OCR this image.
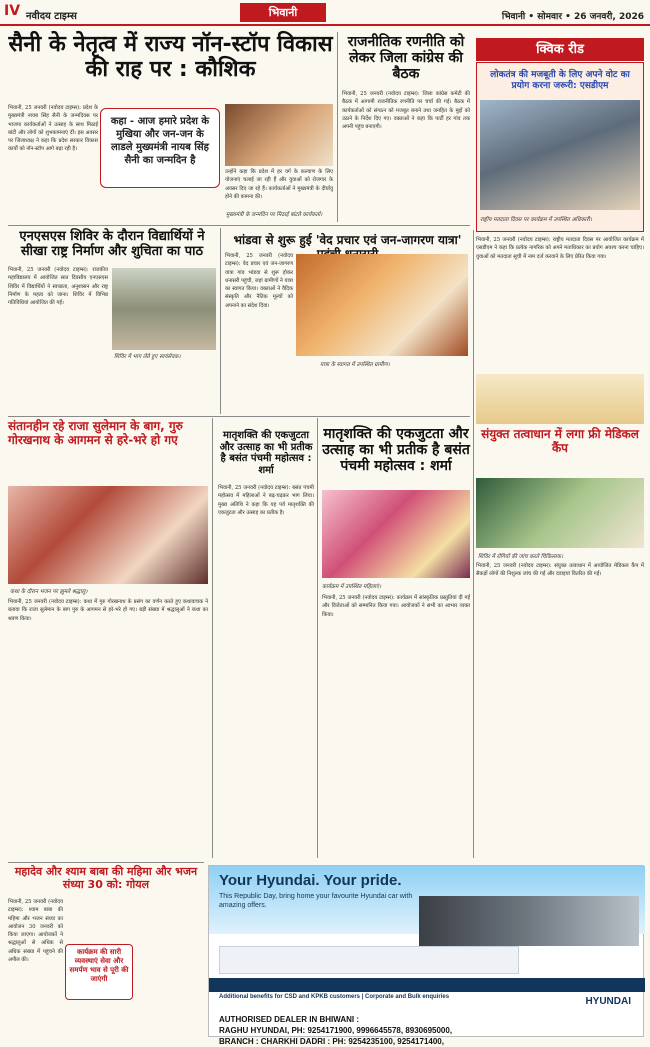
IV नवीदय टाइम्स	भिवानी	भिवानी • सोमवार • 26 जनवरी, 2026
सैनी के नेतृत्व में राज्य नॉन-स्टॉप विकास की राह पर : कौशिक
भिवानी, 25 जनवरी (नवोदय टाइम्स): प्रदेश के मुख्यमंत्री नायब सिंह सैनी के जन्मदिवस पर भाजपा कार्यकर्ताओं ने उत्साह के साथ मिठाई बांटी और लोगों को शुभकामनाएं दीं। इस अवसर पर जिलाध्यक्ष ने कहा कि प्रदेश सरकार विकास कार्यों को नॉन-स्टॉप आगे बढ़ा रही है।
उन्होंने कहा कि प्रदेश में हर वर्ग के कल्याण के लिए योजनाएं चलाई जा रही हैं और युवाओं को रोजगार के अवसर दिए जा रहे हैं। कार्यकर्ताओं ने मुख्यमंत्री के दीर्घायु होने की कामना की।
कहा - आज हमारे प्रदेश के मुखिया और जन-जन के लाडले मुख्यमंत्री नायब सिंह सैनी का जन्मदिन है
मुख्यमंत्री के जन्मदिन पर मिठाई बांटते कार्यकर्ता।
राजनीतिक रणनीति को लेकर जिला कांग्रेस की बैठक
भिवानी, 25 जनवरी (नवोदय टाइम्स): जिला कांग्रेस कमेटी की बैठक में आगामी राजनीतिक रणनीति पर चर्चा की गई। बैठक में कार्यकर्ताओं को संगठन को मजबूत बनाने तथा जनहित के मुद्दों को उठाने के निर्देश दिए गए। वक्ताओं ने कहा कि पार्टी हर गांव तक अपनी पहुंच बनाएगी।
क्विक रीड
लोकतंत्र की मजबूती के लिए अपने वोट का प्रयोग करना जरूरी: एसडीएम
राष्ट्रीय मतदाता दिवस पर कार्यक्रम में उपस्थित अधिकारी।
भिवानी, 25 जनवरी (नवोदय टाइम्स): राष्ट्रीय मतदाता दिवस पर आयोजित कार्यक्रम में एसडीएम ने कहा कि प्रत्येक नागरिक को अपने मताधिकार का प्रयोग अवश्य करना चाहिए। युवाओं को मतदाता सूची में नाम दर्ज करवाने के लिए प्रेरित किया गया।
संयुक्त तत्वाधान में लगा फ्री मेडिकल कैंप
शिविर में रोगियों की जांच करते चिकित्सक।
भिवानी, 25 जनवरी (नवोदय टाइम्स): संयुक्त तत्वाधान में आयोजित मेडिकल कैंप में सैकड़ों लोगों की निशुल्क जांच की गई और दवाइयां वितरित की गईं।
एनएसएस शिविर के दौरान विद्यार्थियों ने सीखा राष्ट्र निर्माण और शुचिता का पाठ
भिवानी, 25 जनवरी (नवोदय टाइम्स): राजकीय महाविद्यालय में आयोजित सात दिवसीय एनएसएस शिविर में विद्यार्थियों ने स्वच्छता, अनुशासन और राष्ट्र निर्माण के महत्व को जाना। शिविर में विभिन्न गतिविधियां आयोजित की गईं।
शिविर में भाग लेते हुए स्वयंसेवक।
भांडवा से शुरू हुई 'वेद प्रचार एवं जन-जागरण यात्रा'
भिवानी, 25 जनवरी (नवोदय टाइम्स): वेद प्रचार एवं जन-जागरण यात्रा गांव भांडवा से शुरू होकर धनासरी पहुंची, जहां ग्रामीणों ने यात्रा का स्वागत किया। वक्ताओं ने वैदिक संस्कृति और नैतिक मूल्यों को अपनाने का संदेश दिया।
यात्रा के स्वागत में उपस्थित ग्रामीण।
संतानहीन रहे राजा सुलेमान के बाग, गुरु गोरखनाथ के आगमन से हरे-भरे हो गए
कथा के दौरान भजन पर झूमते श्रद्धालु।
भिवानी, 25 जनवरी (नवोदय टाइम्स): कथा में गुरु गोरखनाथ के प्रसंग का वर्णन करते हुए कथावाचक ने बताया कि राजा सुलेमान के बाग गुरु के आगमन से हरे-भरे हो गए। बड़ी संख्या में श्रद्धालुओं ने कथा का श्रवण किया।
मातृशक्ति की एकजुटता और उत्साह का भी प्रतीक है बसंत पंचमी महोत्सव : शर्मा
भिवानी, 25 जनवरी (नवोदय टाइम्स): बसंत पंचमी महोत्सव में महिलाओं ने बढ़-चढ़कर भाग लिया। मुख्य अतिथि ने कहा कि यह पर्व मातृशक्ति की एकजुटता और उत्साह का प्रतीक है।
मातृशक्ति की एकजुटता और उत्साह का भी प्रतीक है बसंत पंचमी महोत्सव : शर्मा
कार्यक्रम में उपस्थित महिलाएं।
भिवानी, 25 जनवरी (नवोदय टाइम्स): कार्यक्रम में सांस्कृतिक प्रस्तुतियां दी गईं और विजेताओं को सम्मानित किया गया। आयोजकों ने सभी का आभार व्यक्त किया।
महादेव और श्याम बाबा की महिमा और भजन संध्या 30 को: गोयल
भिवानी, 25 जनवरी (नवोदय टाइम्स): श्याम बाबा की महिमा और भजन संध्या का आयोजन 30 जनवरी को किया जाएगा। आयोजकों ने श्रद्धालुओं से अधिक से अधिक संख्या में पहुंचने की अपील की।
कार्यक्रम की सारी व्यवस्थाएं सेवा और समर्पण भाव से पूरी की जाएंगी
Your Hyundai. Your pride.
This Republic Day, bring home your favourite Hyundai car with amazing offers.
Additional benefits for CSD and KPKB customers | Corporate and Bulk enquiries
AUTHORISED DEALER IN BHIWANI :
RAGHU HYUNDAI, PH: 9254171900, 9996645578, 8930695000,
BRANCH : CHARKHI DADRI : PH: 9254235100, 9254171400,
HYUNDAI
